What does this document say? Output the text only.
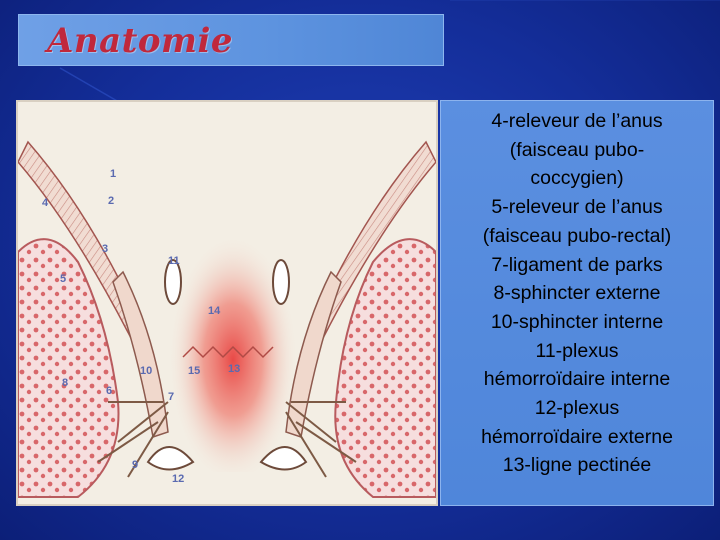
Anatomie
1
2
3
4
5
6	7
8
9
10
11
12
13
14
15
4-releveur de l’anus
(faisceau pubo-
coccygien)
5-releveur de l’anus
(faisceau pubo-rectal)
7-ligament de parks
8-sphincter externe
10-sphincter interne
11-plexus
hémorroïdaire interne
12-plexus
hémorroïdaire externe
13-ligne pectinée
